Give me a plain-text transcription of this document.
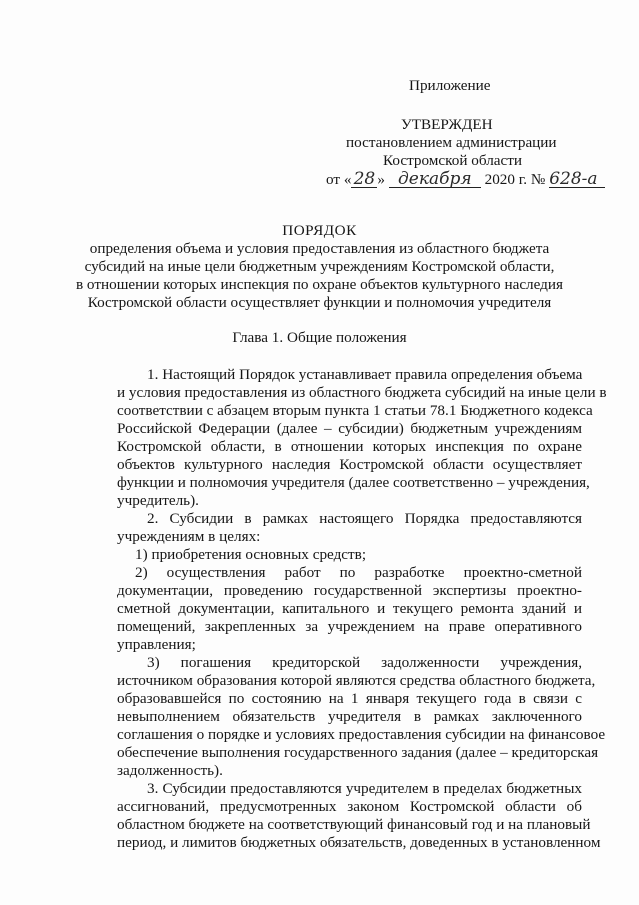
Приложение
УТВЕРЖДЕН
постановлением администрации
Костромской области
от « 28 » декабря 2020 г. № 628-а
ПОРЯДОК
определения объема и условия предоставления из областного бюджета
субсидий на иные цели бюджетным учреждениям Костромской области,
в отношении которых инспекция по охране объектов культурного наследия
Костромской области осуществляет функции и полномочия учредителя
Глава 1. Общие положения
1. Настоящий Порядок устанавливает правила определения объема
и условия предоставления из областного бюджета субсидий на иные цели в
соответствии с абзацем вторым пункта 1 статьи 78.1 Бюджетного кодекса
Российской Федерации (далее – субсидии) бюджетным учреждениям
Костромской области, в отношении которых инспекция по охране
объектов культурного наследия Костромской области осуществляет
функции и полномочия учредителя (далее соответственно – учреждения,
учредитель).
2. Субсидии в рамках настоящего Порядка предоставляются
учреждениям в целях:
1) приобретения основных средств;
2) осуществления работ по разработке проектно-сметной
документации, проведению государственной экспертизы проектно-
сметной документации, капитального и текущего ремонта зданий и
помещений, закрепленных за учреждением на праве оперативного
управления;
3) погашения кредиторской задолженности учреждения,
источником образования которой являются средства областного бюджета,
образовавшейся по состоянию на 1 января текущего года в связи с
невыполнением обязательств учредителя в рамках заключенного
соглашения о порядке и условиях предоставления субсидии на финансовое
обеспечение выполнения государственного задания (далее – кредиторская
задолженность).
3. Субсидии предоставляются учредителем в пределах бюджетных
ассигнований, предусмотренных законом Костромской области об
областном бюджете на соответствующий финансовый год и на плановый
период, и лимитов бюджетных обязательств, доведенных в установленном
